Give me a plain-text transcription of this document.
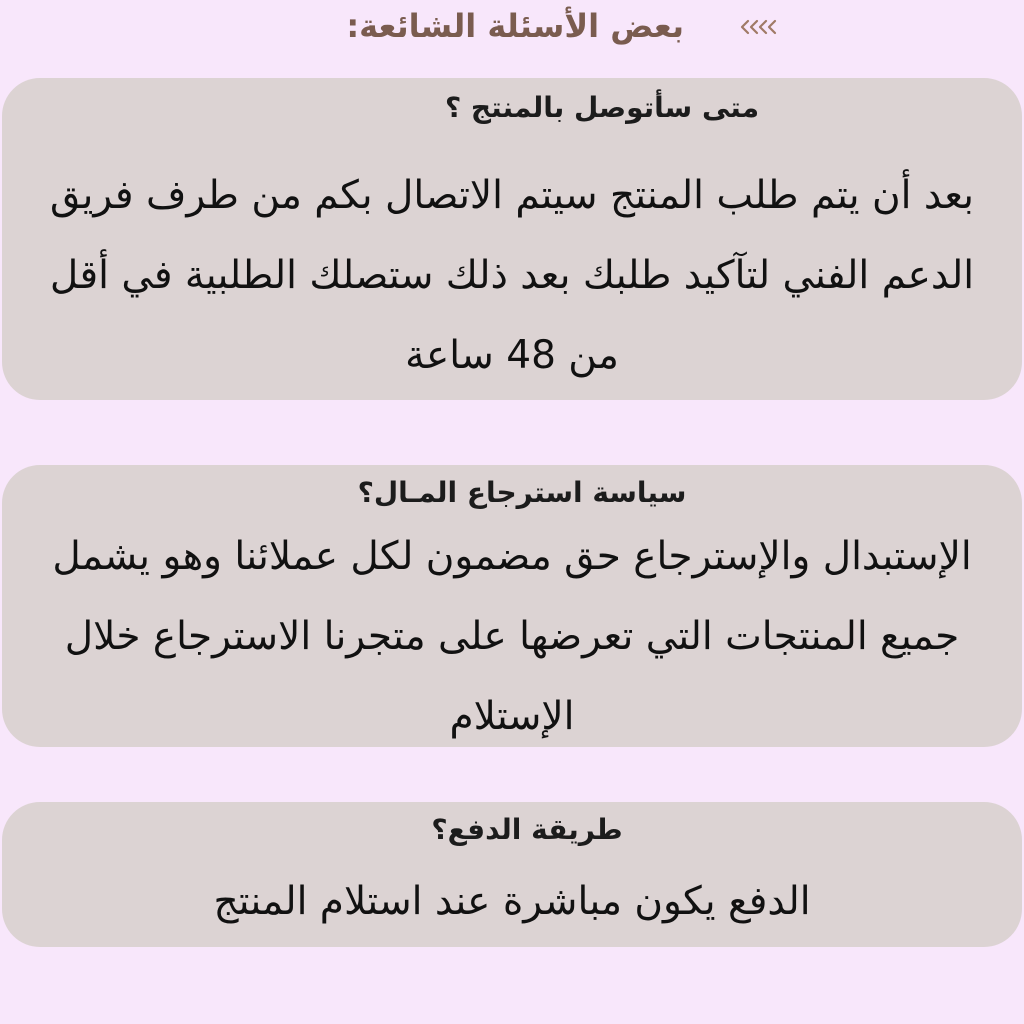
بعض الأسئلة الشائعة:
متى سأتوصل بالمنتج ؟
بعد أن يتم طلب المنتج سيتم الاتصال بكم من طرف فريق الدعم الفني لتآكيد طلبك بعد ذلك ستصلك الطلبية في أقل من 48 ساعة
سياسة استرجاع المـال؟
الإستبدال والإسترجاع حق مضمون لكل عملائنا وهو يشمل جميع المنتجات التي تعرضها على متجرنا الاسترجاع خلال الإستلام
طريقة الدفع؟
الدفع يكون مباشرة عند استلام المنتج
